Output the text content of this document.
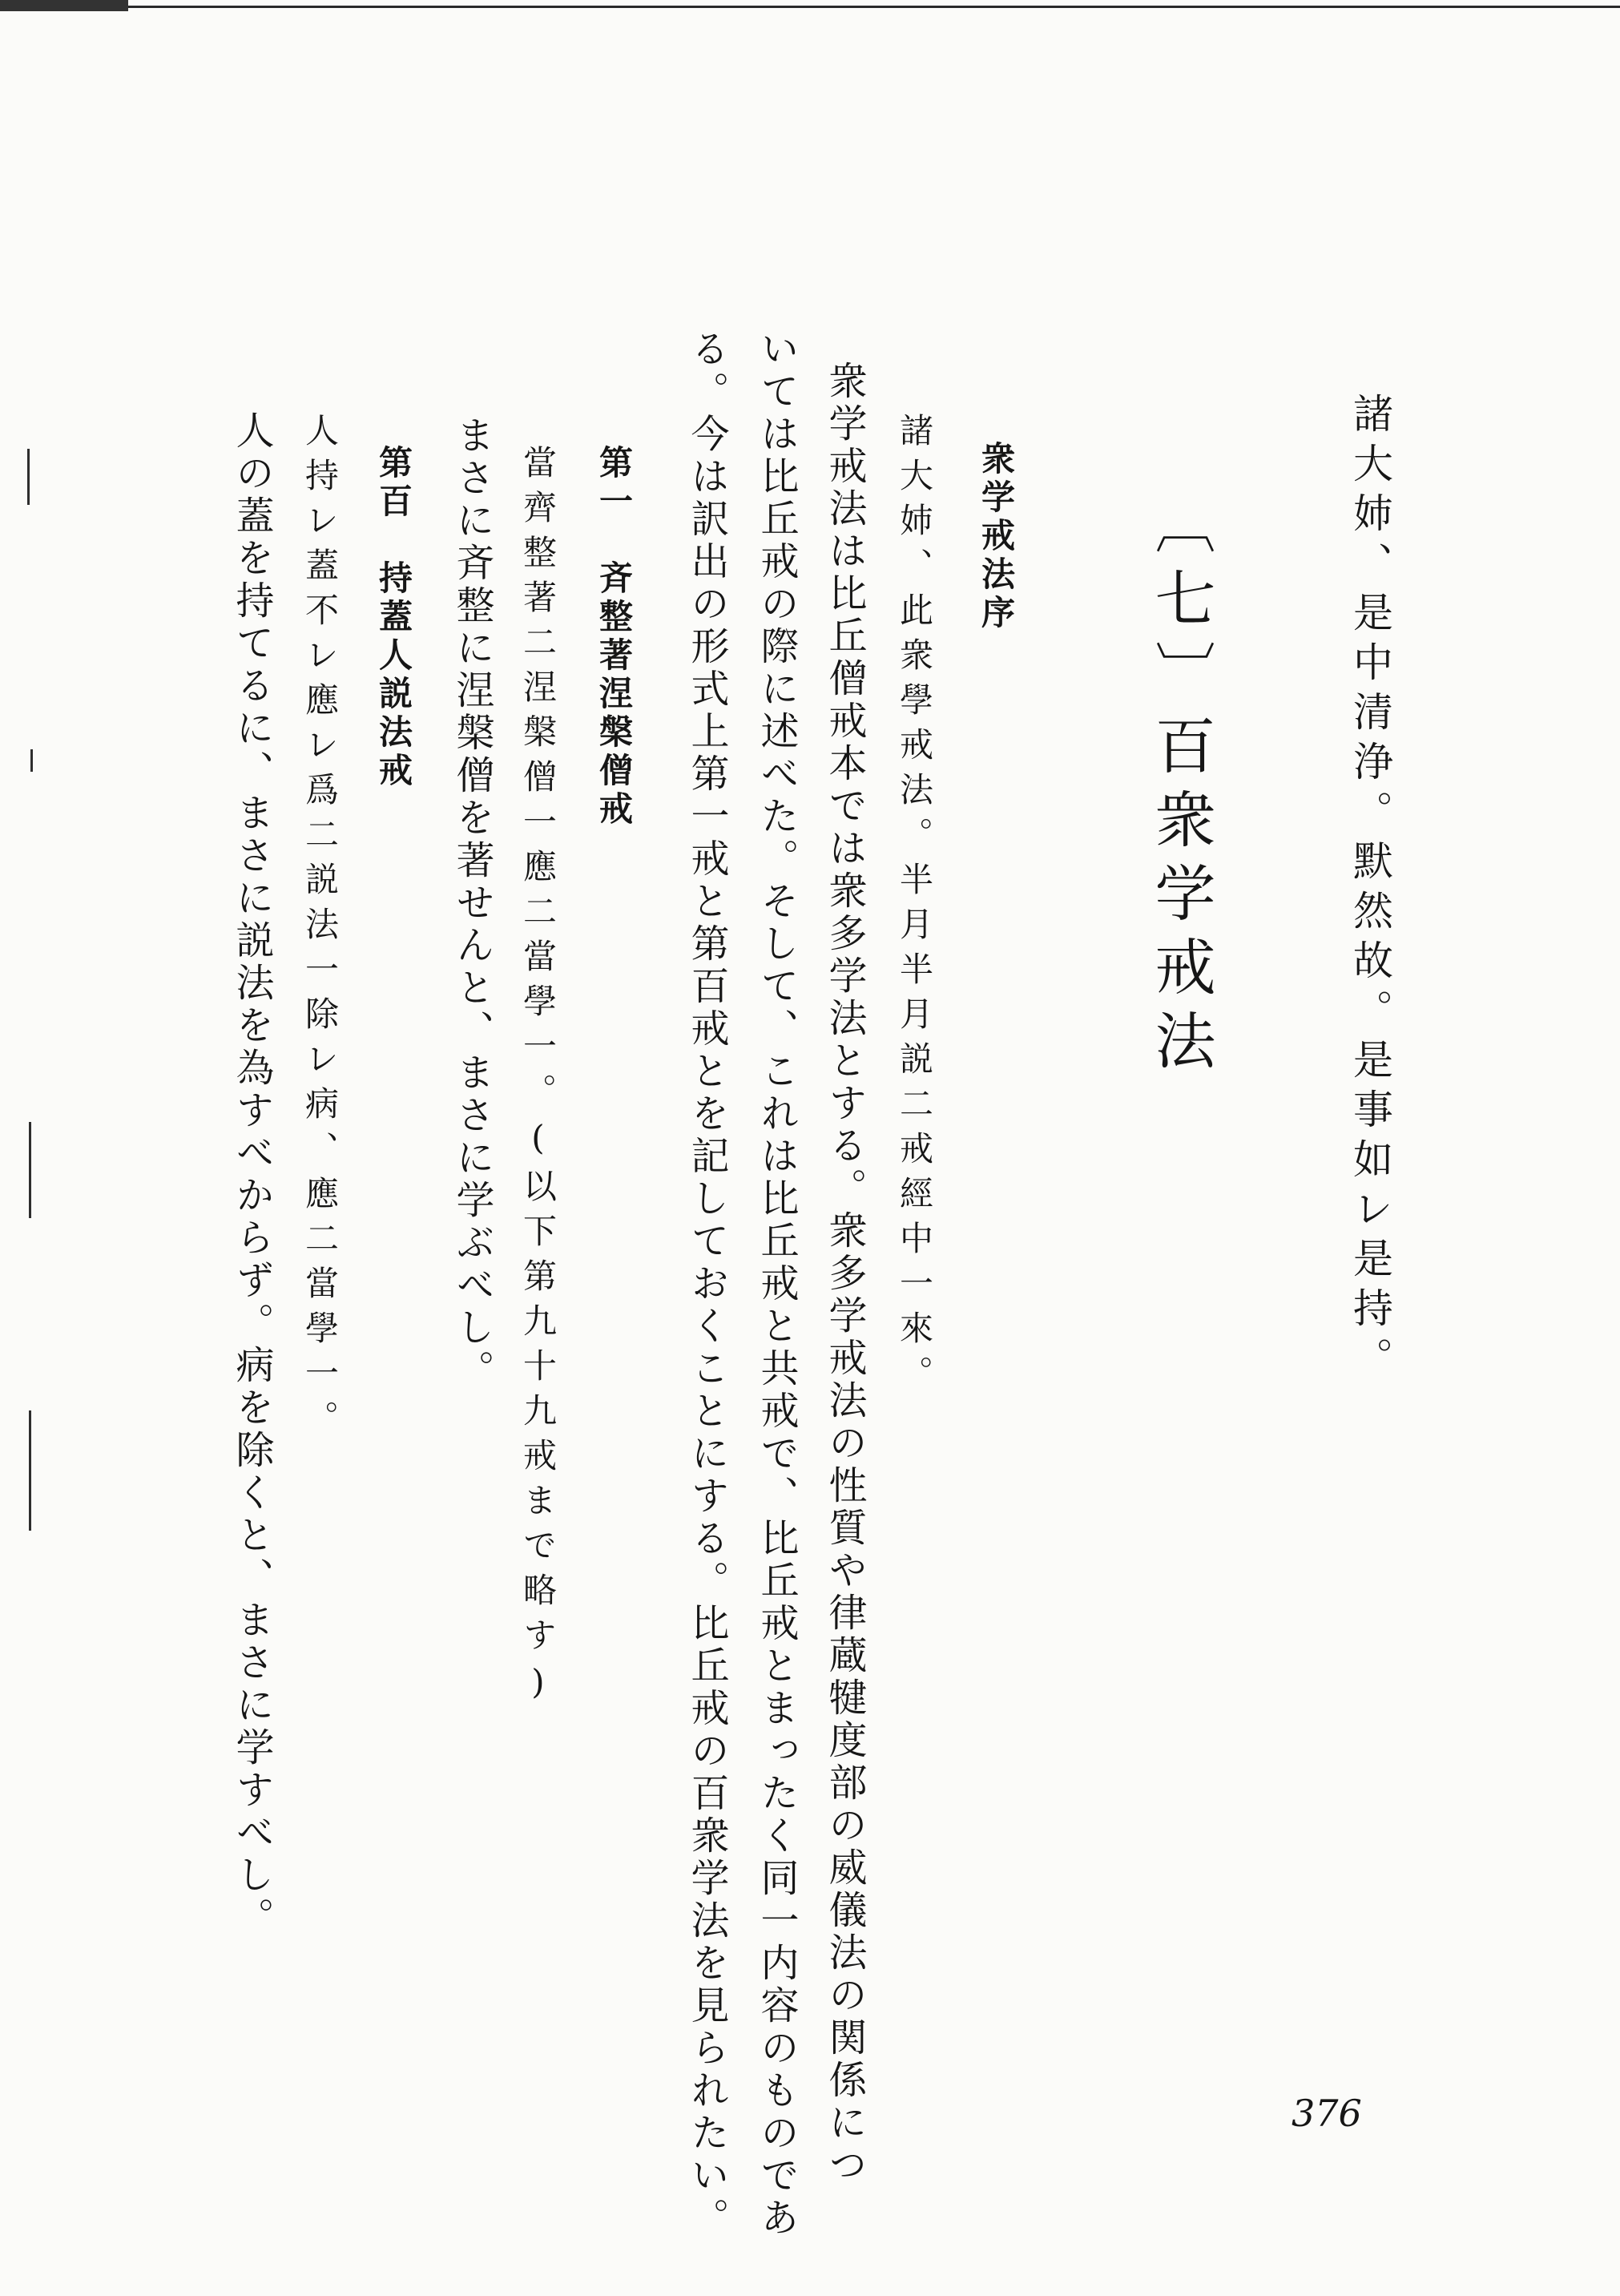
諸大姉、是中清浄。默然故。是事如レ是持。
〔七〕百衆学戒法
衆学戒法序
諸大姉、此衆學戒法。半月半月説二戒經中一來。
衆学戒法は比丘僧戒本では衆多学法とする。衆多学戒法の性質や律蔵犍度部の威儀法の関係につ
いては比丘戒の際に述べた。そして、これは比丘戒と共戒で、比丘戒とまったく同一内容のものであ
る。今は訳出の形式上第一戒と第百戒とを記しておくことにする。比丘戒の百衆学法を見られたい。
第一　斉整著涅槃僧戒
當齊整著二涅槃僧一應二當學一。(以下第九十九戒まで略す)
まさに斉整に涅槃僧を著せんと、まさに学ぶべし。
第百　持蓋人説法戒
人持レ蓋不レ應レ爲二説法一除レ病、應二當學一。
人の蓋を持てるに、まさに説法を為すべからず。病を除くと、まさに学すべし。
376
